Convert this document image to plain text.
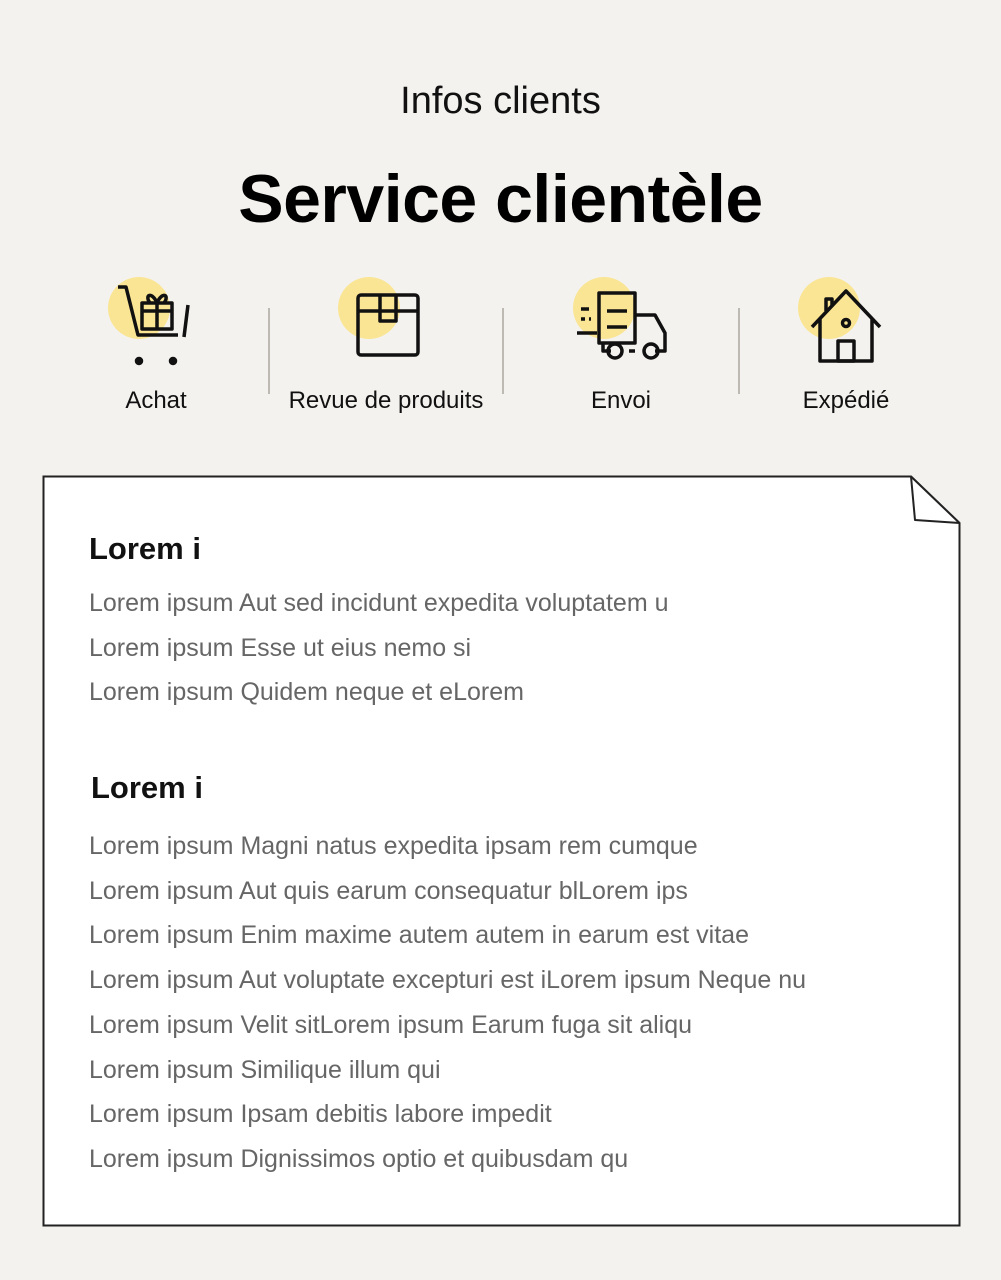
Infos clients
Service clientèle
Achat	Revue de produits	Envoi	Expédié
Lorem i

Lorem ipsum Aut sed incidunt expedita voluptatem u

Lorem ipsum Esse ut eius nemo si

Lorem ipsum Quidem neque et eLorem

Lorem i

Lorem ipsum Magni natus expedita ipsam rem cumque

Lorem ipsum Aut quis earum consequatur blLorem ips

Lorem ipsum Enim maxime autem autem in earum est vitae

Lorem ipsum Aut voluptate excepturi est iLorem ipsum Neque nu

Lorem ipsum Velit sitLorem ipsum Earum fuga sit aliqu

Lorem ipsum Similique illum qui

Lorem ipsum Ipsam debitis labore impedit

Lorem ipsum Dignissimos optio et quibusdam qu
